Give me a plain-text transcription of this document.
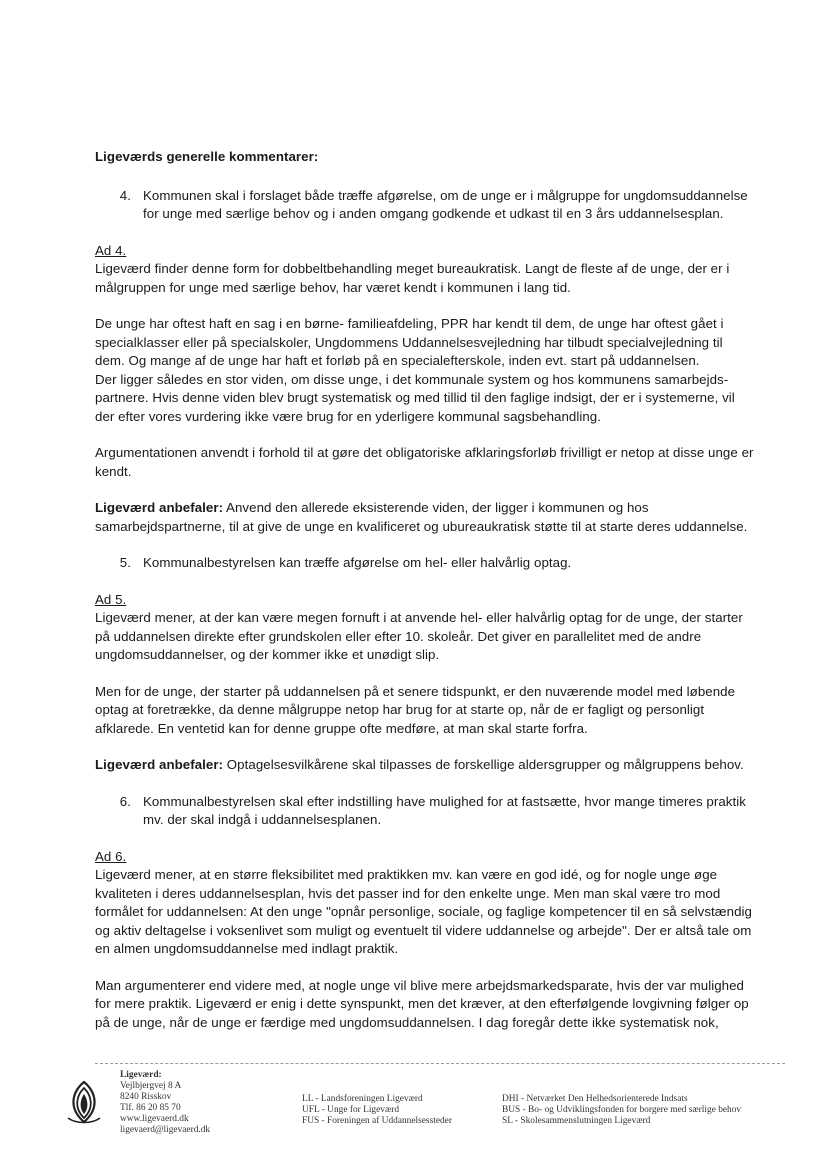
Ligeværds generelle kommentarer:

4. Kommunen skal i forslaget både træffe afgørelse, om de unge er i målgruppe for ungdomsuddannelse for unge med særlige behov og i anden omgang godkende et udkast til en 3 års uddannelsesplan.

Ad 4.

Ligeværd finder denne form for dobbeltbehandling meget bureaukratisk. Langt de fleste af de unge, der er i målgruppen for unge med særlige behov, har været kendt i kommunen i lang tid.

De unge har oftest haft en sag i en børne- familieafdeling, PPR har kendt til dem, de unge har oftest gået i specialklasser eller på specialskoler, Ungdommens Uddannelsesvejledning har tilbudt specialvejledning til dem. Og mange af de unge har haft et forløb på en specialefterskole, inden evt. start på uddannelsen.

Der ligger således en stor viden, om disse unge, i det kommunale system og hos kommunens samarbejds-partnere. Hvis denne viden blev brugt systematisk og med tillid til den faglige indsigt, der er i systemerne, vil der efter vores vurdering ikke være brug for en yderligere kommunal sagsbehandling.

Argumentationen anvendt i forhold til at gøre det obligatoriske afklaringsforløb frivilligt er netop at disse unge er kendt.

Ligeværd anbefaler: Anvend den allerede eksisterende viden, der ligger i kommunen og hos samarbejdspartnerne, til at give de unge en kvalificeret og ubureaukratisk støtte til at starte deres uddannelse.

5. Kommunalbestyrelsen kan træffe afgørelse om hel- eller halvårlig optag.

Ad 5.

Ligeværd mener, at der kan være megen fornuft i at anvende hel- eller halvårlig optag for de unge, der starter på uddannelsen direkte efter grundskolen eller efter 10. skoleår. Det giver en parallelitet med de andre ungdomsuddannelser, og der kommer ikke et unødigt slip.

Men for de unge, der starter på uddannelsen på et senere tidspunkt, er den nuværende model med løbende optag at foretrække, da denne målgruppe netop har brug for at starte op, når de er fagligt og personligt afklarede. En ventetid kan for denne gruppe ofte medføre, at man skal starte forfra.

Ligeværd anbefaler: Optagelsesvilkårene skal tilpasses de forskellige aldersgrupper og målgruppens behov.

6. Kommunalbestyrelsen skal efter indstilling have mulighed for at fastsætte, hvor mange timeres praktik mv. der skal indgå i uddannelsesplanen.

Ad 6.

Ligeværd mener, at en større fleksibilitet med praktikken mv. kan være en god idé, og for nogle unge øge kvaliteten i deres uddannelsesplan, hvis det passer ind for den enkelte unge. Men man skal være tro mod formålet for uddannelsen: At den unge "opnår personlige, sociale, og faglige kompetencer til en så selvstændig og aktiv deltagelse i voksenlivet som muligt og eventuelt til videre uddannelse og arbejde". Der er altså tale om en almen ungdomsuddannelse med indlagt praktik.

Man argumenterer end videre med, at nogle unge vil blive mere arbejdsmarkedsparate, hvis der var mulighed for mere praktik. Ligeværd er enig i dette synspunkt, men det kræver, at den efterfølgende lovgivning følger op på de unge, når de unge er færdige med ungdomsuddannelsen. I dag foregår dette ikke systematisk nok,

Ligeværd:
Vejlbjergvej 8 A
8240 Risskov
Tlf. 86 20 85 70
www.ligevaerd.dk
ligevaerd@ligevaerd.dk
LL - Landsforeningen Ligeværd
UFL - Unge for Ligeværd
FUS - Foreningen af Uddannelsessteder
DHI - Netværket Den Helhedsorienterede Indsats
BUS - Bo- og Udviklingsfonden for borgere med særlige behov
SL - Skolesammenslutningen Ligeværd
